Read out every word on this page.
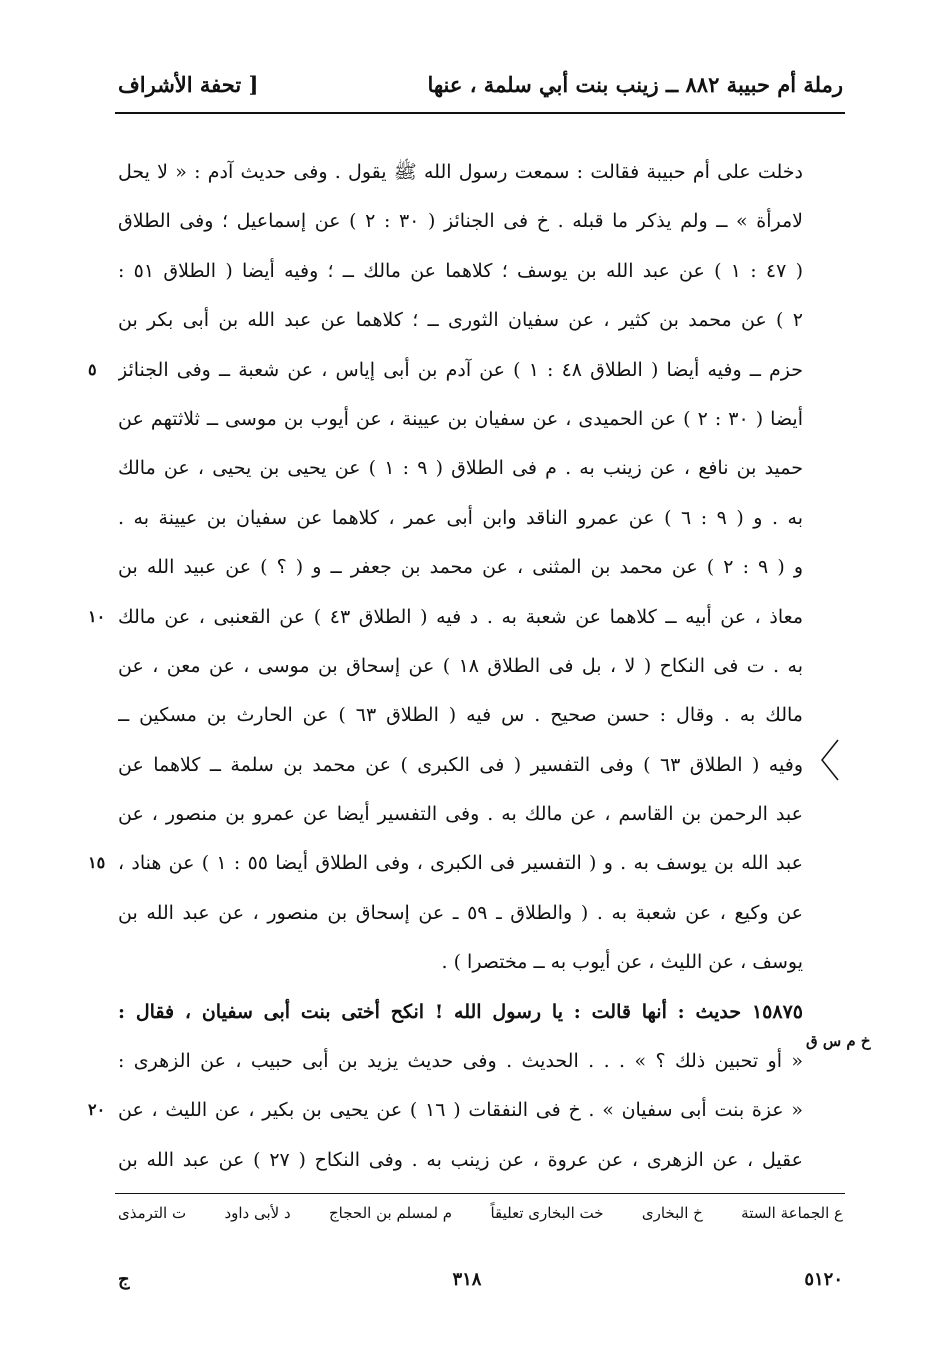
رملة أم حبيبة ٨٨٢ ــ زينب بنت أبي سلمة ، عنها
[ تحفة الأشراف
دخلت على أم حبيبة فقالت : سمعت رسول الله ﷺ يقول . وفى حديث آدم : « لا يحل
لامرأة » ــ ولم يذكر ما قبله . خ فى الجنائز ( ٣٠ : ٢ ) عن إسماعيل ؛ وفى الطلاق
( ٤٧ : ١ ) عن عبد الله بن يوسف ؛ كلاهما عن مالك ــ ؛ وفيه أيضا ( الطلاق ٥١ :
٢ ) عن محمد بن كثير ، عن سفيان الثورى ــ ؛ كلاهما عن عبد الله بن أبى بكر بن
حزم ــ وفيه أيضا ( الطلاق ٤٨ : ١ ) عن آدم بن أبى إياس ، عن شعبة ــ وفى الجنائز
أيضا ( ٣٠ : ٢ ) عن الحميدى ، عن سفيان بن عيينة ، عن أيوب بن موسى ــ ثلاثتهم عن
حميد بن نافع ، عن زينب به . م فى الطلاق ( ٩ : ١ ) عن يحيى بن يحيى ، عن مالك
به . و ( ٩ : ٦ ) عن عمرو الناقد وابن أبى عمر ، كلاهما عن سفيان بن عيينة به .
و ( ٩ : ٢ ) عن محمد بن المثنى ، عن محمد بن جعفر ــ و ( ؟ ) عن عبيد الله بن
معاذ ، عن أبيه ــ كلاهما عن شعبة به . د فيه ( الطلاق ٤٣ ) عن القعنبى ، عن مالك
به . ت فى النكاح ( لا ، بل فى الطلاق ١٨ ) عن إسحاق بن موسى ، عن معن ، عن
مالك به . وقال : حسن صحيح . س فيه ( الطلاق ٦٣ ) عن الحارث بن مسكين ــ
وفيه ( الطلاق ٦٣ ) وفى التفسير ( فى الكبرى ) عن محمد بن سلمة ــ كلاهما عن
عبد الرحمن بن القاسم ، عن مالك به . وفى التفسير أيضا عن عمرو بن منصور ، عن
عبد الله بن يوسف به . و ( التفسير فى الكبرى ، وفى الطلاق أيضا ٥٥ : ١ ) عن هناد ،
عن وكيع ، عن شعبة به . ( والطلاق ـ ٥٩ ـ عن إسحاق بن منصور ، عن عبد الله بن
يوسف ، عن الليث ، عن أيوب به ــ مختصرا ) .
١٥٨٧٥ حديث : أنها قالت : يا رسول الله ! انكح أختى بنت أبى سفيان ، فقال :
« أو تحبين ذلك ؟ » . . . الحديث . وفى حديث يزيد بن أبى حبيب ، عن الزهرى :
« عزة بنت أبى سفيان » . خ فى النفقات ( ١٦ ) عن يحيى بن بكير ، عن الليث ، عن
عقيل ، عن الزهرى ، عن عروة ، عن زينب به . وفى النكاح ( ٢٧ ) عن عبد الله بن
٥
١٠
١٥
٢٠
خ م س ق
ع الجماعة الستة
خ البخارى
خت البخارى تعليقاً
م لمسلم بن الحجاج
د لأبى داود
ت الترمذى
ج	٣١٨	٥١٢٠
